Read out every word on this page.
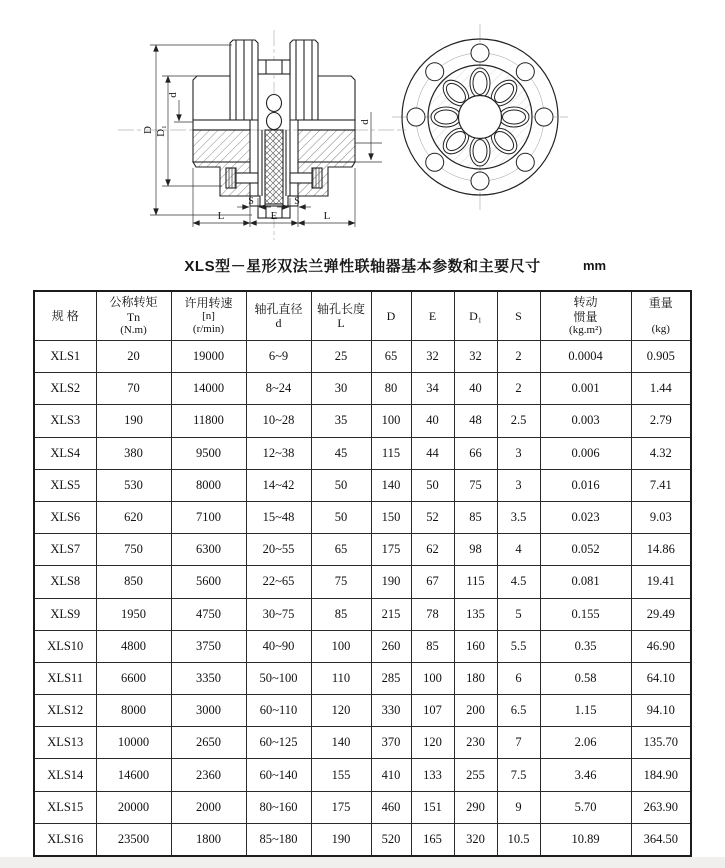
D D₁
d
d
S	S
L	E	L
XLS型－星形双法兰弹性联轴器基本参数和主要尺寸	mm
规 格

公称转矩
Tn
(N.m)

许用转速
[n]
(r/min)

轴孔直径
d

轴孔长度
L

D	E	D₁	S

转动
惯量
(kg.m²)

重量
(kg)

XLS1	20	19000	6~9	25	65	32	32	2	0.0004	0.905
XLS2	70	14000	8~24	30	80	34	40	2	0.001	1.44
XLS3	190	11800	10~28	35	100	40	48	2.5	0.003	2.79
XLS4	380	9500	12~38	45	115	44	66	3	0.006	4.32
XLS5	530	8000	14~42	50	140	50	75	3	0.016	7.41
XLS6	620	7100	15~48	50	150	52	85	3.5	0.023	9.03
XLS7	750	6300	20~55	65	175	62	98	4	0.052	14.86
XLS8	850	5600	22~65	75	190	67	115	4.5	0.081	19.41
XLS9	1950	4750	30~75	85	215	78	135	5	0.155	29.49
XLS10	4800	3750	40~90	100	260	85	160	5.5	0.35	46.90
XLS11	6600	3350	50~100	110	285	100	180	6	0.58	64.10
XLS12	8000	3000	60~110	120	330	107	200	6.5	1.15	94.10
XLS13	10000	2650	60~125	140	370	120	230	7	2.06	135.70
XLS14	14600	2360	60~140	155	410	133	255	7.5	3.46	184.90
XLS15	20000	2000	80~160	175	460	151	290	9	5.70	263.90
XLS16	23500	1800	85~180	190	520	165	320	10.5	10.89	364.50
